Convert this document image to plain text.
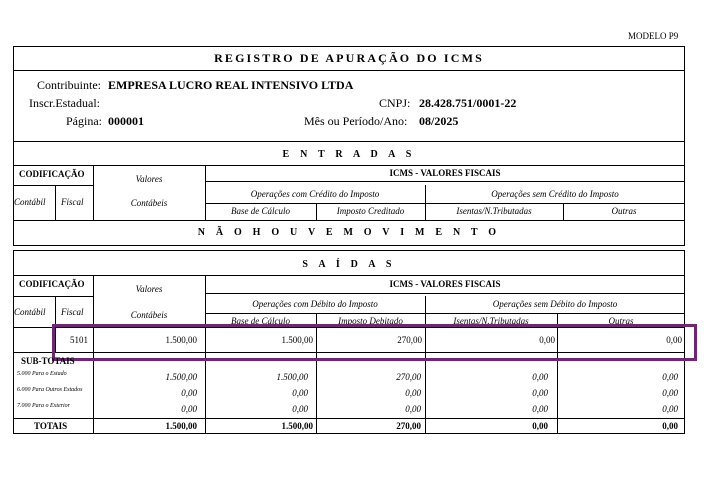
MODELO P9
REGISTRO DE APURAÇÃO DO ICMS
Contribuinte: EMPRESA LUCRO REAL INTENSIVO LTDA
Inscr.Estadual:	CNPJ: 28.428.751/0001-22
Página: 000001	Mês ou Período/Ano: 08/2025
E N T R A D A S
CODIFICAÇÃO	Valores
Contábeis
Contábil Fiscal
ICMS - VALORES FISCAIS
Operações com Crédito do Imposto	Operações sem Crédito do Imposto
Base de Cálculo	Imposto Creditado	Isentas/N.Tributadas	Outras
N Ã O H O U V E M O V I M E N T O
S A Í D A S
CODIFICAÇÃO	Valores
Contábeis
Contábil Fiscal
ICMS - VALORES FISCAIS
Operações com Débito do Imposto	Operações sem Débito do Imposto
Base de Cálculo	Imposto Debitado	Isentas/N.Tributadas	Outras
5101	1.500,00	1.500,00	270,00	0,00	0,00
SUB-TOTAIS
5.000 Para o Estado	1.500,00	1.500,00	270,00	0,00	0,00
6.000 Para Outros Estados	0,00	0,00	0,00	0,00	0,00
7.000 Para o Exterior	0,00	0,00	0,00	0,00	0,00
TOTAIS	1.500,00	1.500,00	270,00	0,00	0,00
